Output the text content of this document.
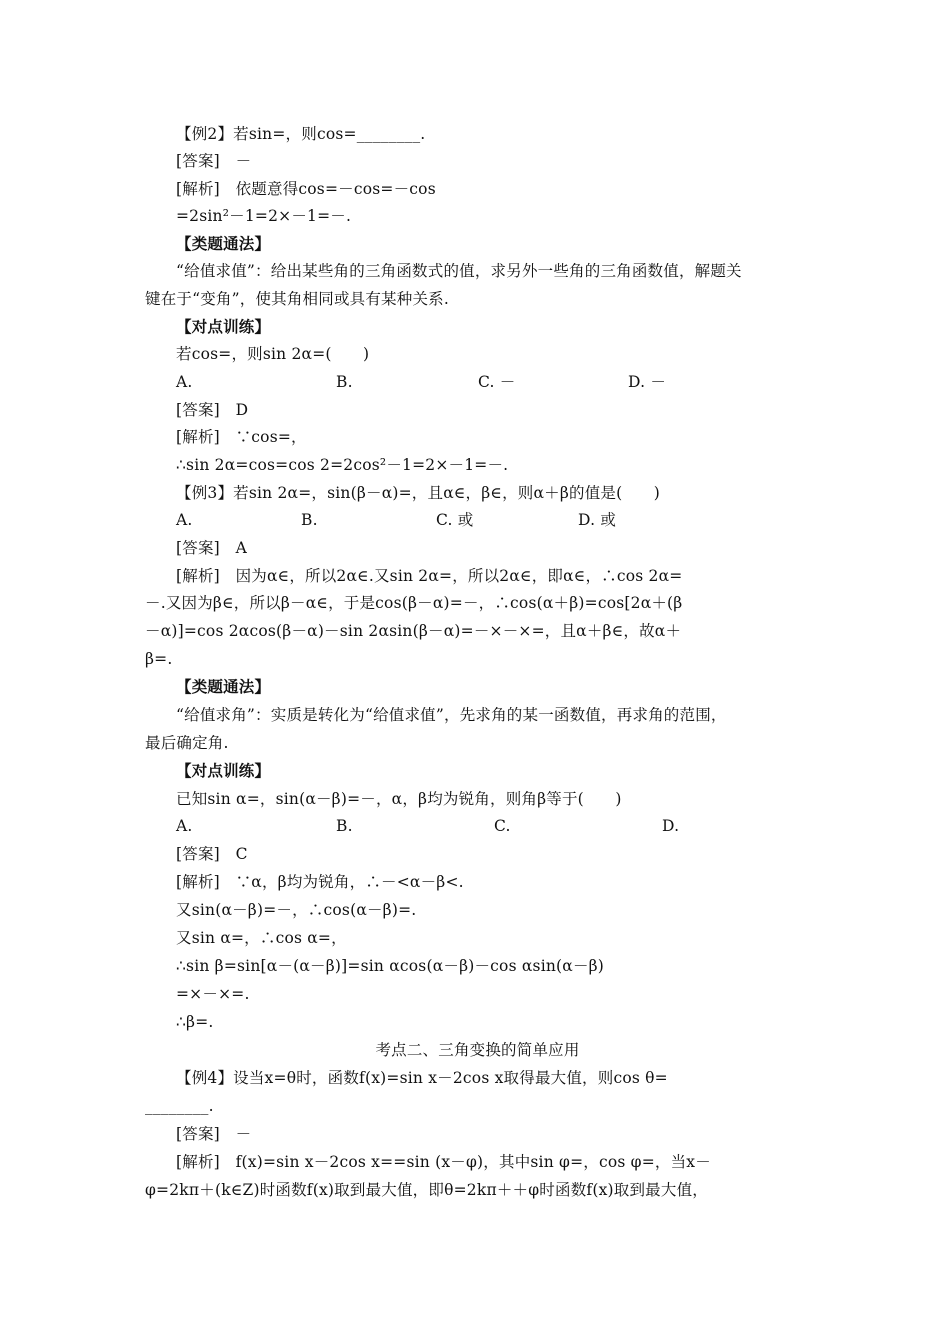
【例2】若sin=，则cos=________.
[答案]　－
[解析]　依题意得cos=－cos=－cos
=2sin²－1=2×－1=－.
【类题通法】
“给值求值”：给出某些角的三角函数式的值，求另外一些角的三角函数值，解题关
键在于“变角”，使其角相同或具有某种关系.
【对点训练】
若cos=，则sin 2α=(　　)
A.	B.	C. －	D. －
[答案]　D
[解析]　∵cos=，
∴sin 2α=cos=cos 2=2cos²－1=2×－1=－.
【例3】若sin 2α=，sin(β－α)=，且α∈，β∈，则α＋β的值是(　　)
A.	B.	C. 或	D. 或
[答案]　A
[解析]　因为α∈，所以2α∈.又sin 2α=，所以2α∈，即α∈，∴cos 2α=
－.又因为β∈，所以β－α∈，于是cos(β－α)=－，∴cos(α＋β)=cos[2α＋(β
－α)]=cos 2αcos(β－α)－sin 2αsin(β－α)=－×－×=，且α＋β∈，故α＋
β=.
【类题通法】
“给值求角”：实质是转化为“给值求值”，先求角的某一函数值，再求角的范围，
最后确定角.
【对点训练】
已知sin α=，sin(α－β)=－，α，β均为锐角，则角β等于(　　)
A.	B.	C.	D.
[答案]　C
[解析]　∵α，β均为锐角，∴－<α－β<.
又sin(α－β)=－，∴cos(α－β)=.
又sin α=，∴cos α=，
∴sin β=sin[α－(α－β)]=sin αcos(α－β)－cos αsin(α－β)
=×－×=.
∴β=.
考点二、三角变换的简单应用
【例4】设当x=θ时，函数f(x)=sin x－2cos x取得最大值，则cos θ=
________.
[答案]　－
[解析]　f(x)=sin x－2cos x==sin (x－φ)，其中sin φ=，cos φ=，当x－
φ=2kπ＋(k∈Z)时函数f(x)取到最大值，即θ=2kπ＋＋φ时函数f(x)取到最大值，
